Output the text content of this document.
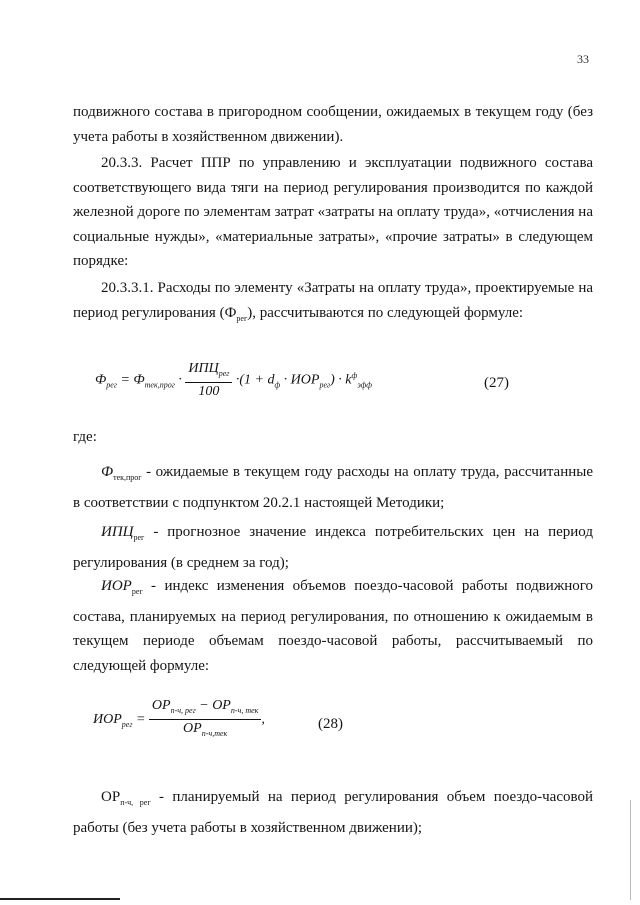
33

подвижного состава в пригородном сообщении, ожидаемых в текущем году (без учета работы в хозяйственном движении).

20.3.3. Расчет ППР по управлению и эксплуатации подвижного состава соответствующего вида тяги на период регулирования производится по каждой железной дороге по элементам затрат «затраты на оплату труда», «отчисления на социальные нужды», «материальные затраты», «прочие затраты» в следующем порядке:

20.3.3.1. Расходы по элементу «Затраты на оплату труда», проектируемые на период регулирования $(Ф_{рег})$, рассчитываются по следующей формуле:

$Ф_{рег} = Ф_{тек,прог} \cdot \frac{ИПЦ_{рег}}{100} \cdot(1 + d_ф \cdot ИОР_{рег}) \cdot k^ф_{эфф}$	(27)

где:

$Ф_{тек,прог}$ - ожидаемые в текущем году расходы на оплату труда, рассчитанные в соответствии с подпунктом 20.2.1 настоящей Методики;

$ИПЦ_{рег}$ - прогнозное значение индекса потребительских цен на период регулирования (в среднем за год);

$ИОР_{рег}$ - индекс изменения объемов поездо-часовой работы подвижного состава, планируемых на период регулирования, по отношению к ожидаемым в текущем периоде объемам поездо-часовой работы, рассчитываемый по следующей формуле:

$ИОР_{рег} = \frac{ОР_{п-ч, рег} - ОР_{п-ч, тек}}{ОР_{п-ч,тек}}$ ,	(28)

$ОР_{п-ч, рег}$ - планируемый на период регулирования объем поездо-часовой работы (без учета работы в хозяйственном движении);
